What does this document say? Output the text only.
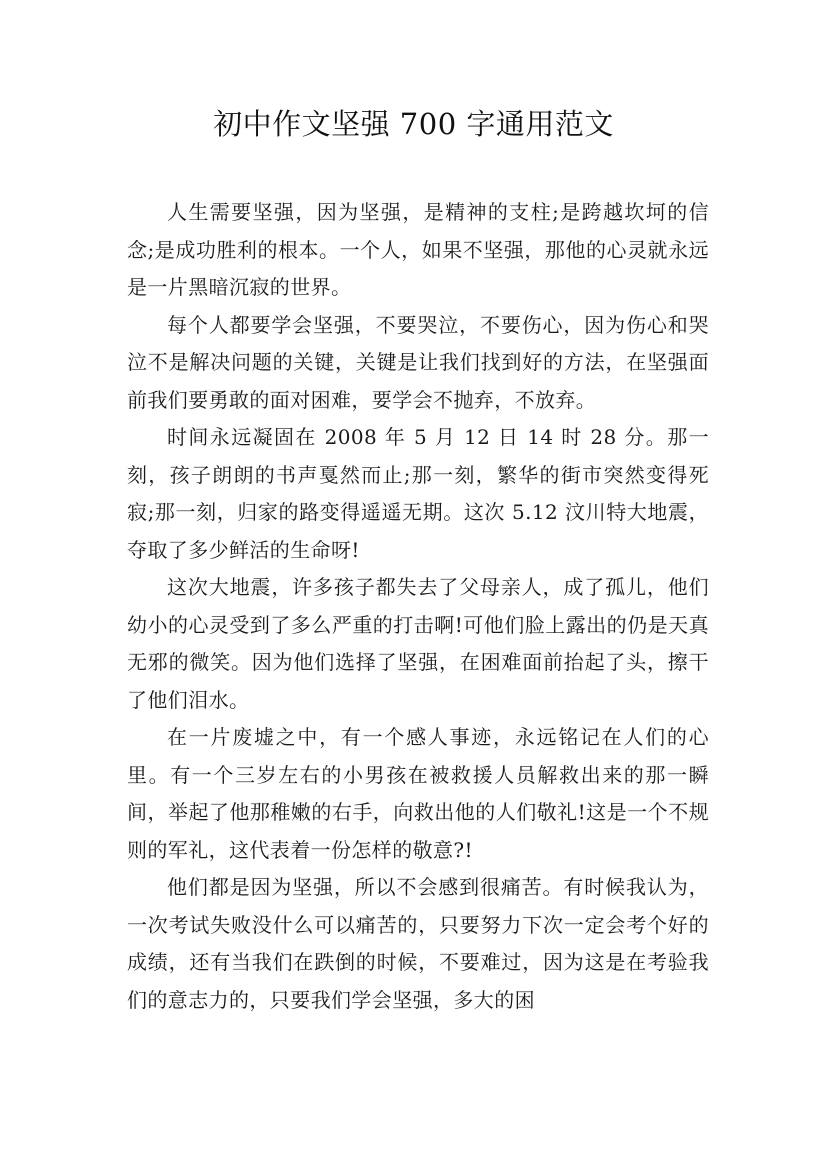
初中作文坚强 700 字通用范文

人生需要坚强，因为坚强，是精神的支柱;是跨越坎坷的信念;是成功胜利的根本。一个人，如果不坚强，那他的心灵就永远是一片黑暗沉寂的世界。

每个人都要学会坚强，不要哭泣，不要伤心，因为伤心和哭泣不是解决问题的关键，关键是让我们找到好的方法，在坚强面前我们要勇敢的面对困难，要学会不抛弃，不放弃。

时间永远凝固在 2008 年 5 月 12 日 14 时 28 分。那一刻，孩子朗朗的书声戛然而止;那一刻，繁华的街市突然变得死寂;那一刻，归家的路变得遥遥无期。这次 5.12 汶川特大地震，夺取了多少鲜活的生命呀!

这次大地震，许多孩子都失去了父母亲人，成了孤儿，他们幼小的心灵受到了多么严重的打击啊!可他们脸上露出的仍是天真无邪的微笑。因为他们选择了坚强，在困难面前抬起了头，擦干了他们泪水。

在一片废墟之中，有一个感人事迹，永远铭记在人们的心里。有一个三岁左右的小男孩在被救援人员解救出来的那一瞬间，举起了他那稚嫩的右手，向救出他的人们敬礼!这是一个不规则的军礼，这代表着一份怎样的敬意?!

他们都是因为坚强，所以不会感到很痛苦。有时候我认为，一次考试失败没什么可以痛苦的，只要努力下次一定会考个好的成绩，还有当我们在跌倒的时候，不要难过，因为这是在考验我们的意志力的，只要我们学会坚强，多大的困
